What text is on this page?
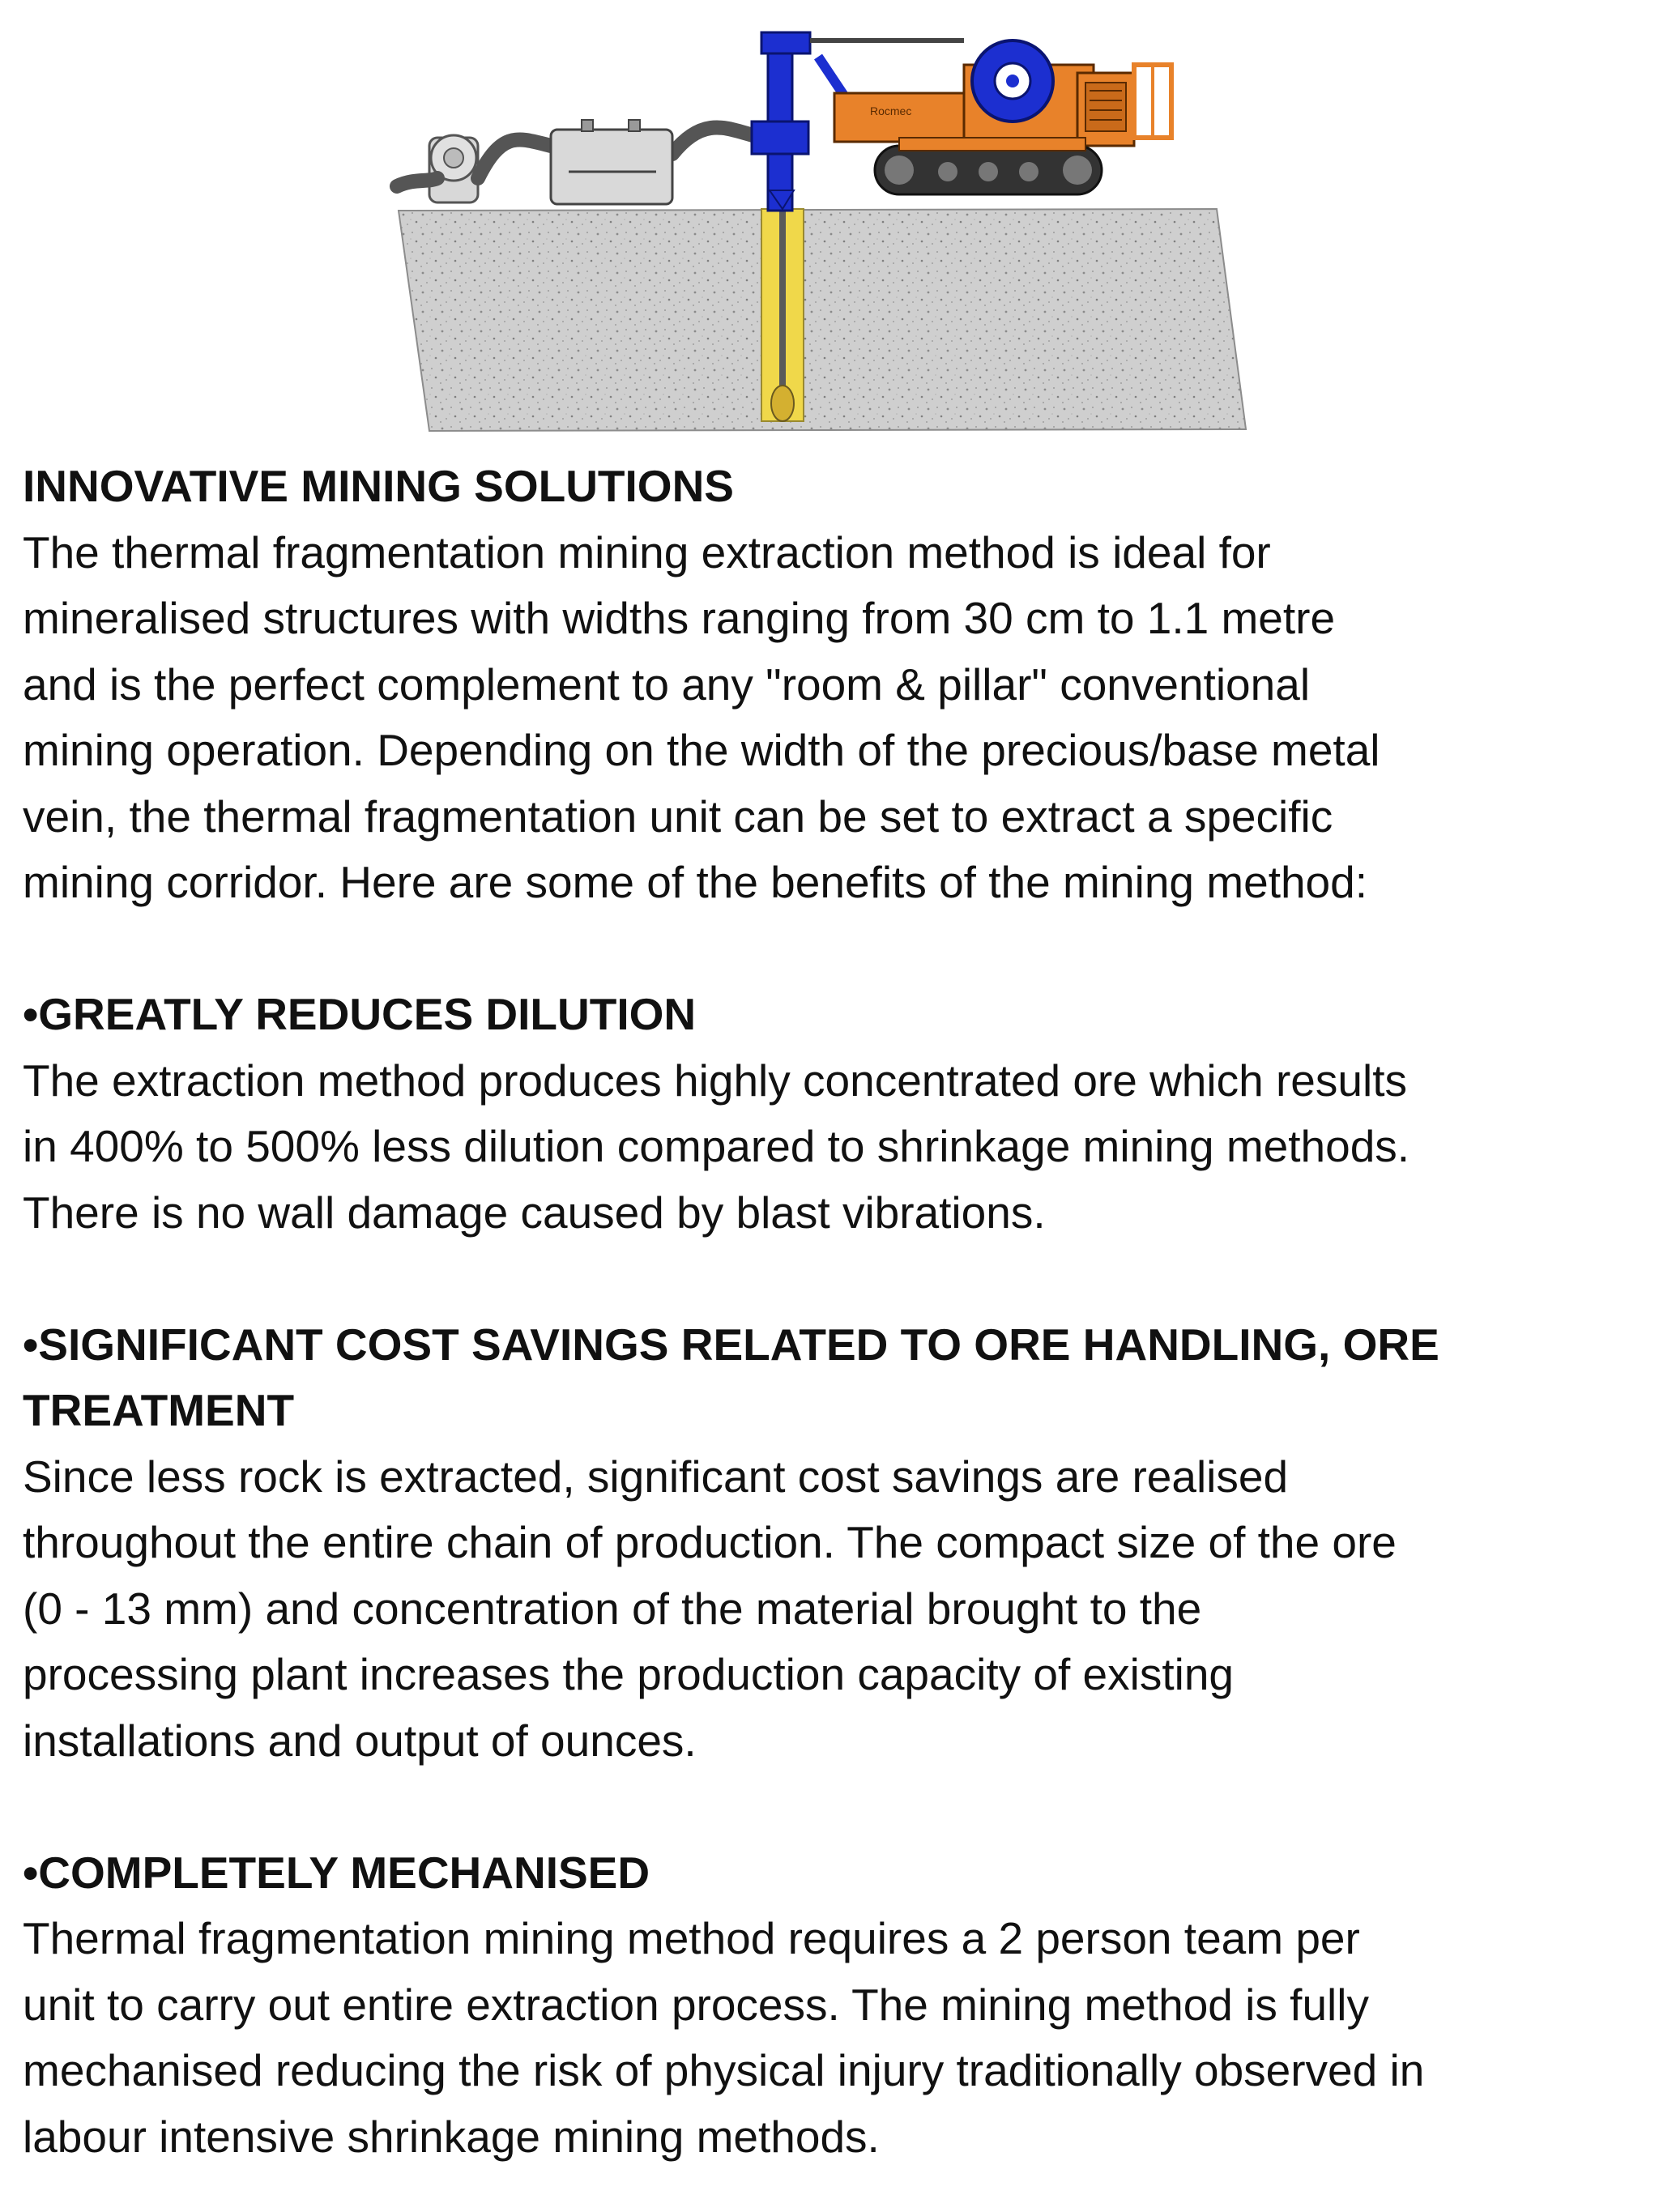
Rocmec
INNOVATIVE MINING SOLUTIONS
The thermal fragmentation mining extraction method is ideal for
mineralised structures with widths ranging from 30 cm to 1.1 metre
and is the perfect complement to any "room & pillar" conventional
mining operation. Depending on the width of the precious/base metal
vein, the thermal fragmentation unit can be set to extract a specific
mining corridor. Here are some of the benefits of the mining method:
•GREATLY REDUCES DILUTION
The extraction method produces highly concentrated ore which results
in 400% to 500% less dilution compared to shrinkage mining methods.
There is no wall damage caused by blast vibrations.
•SIGNIFICANT COST SAVINGS RELATED TO ORE HANDLING, ORE
TREATMENT
Since less rock is extracted, significant cost savings are realised
throughout the entire chain of production. The compact size of the ore
(0 - 13 mm) and concentration of the material brought to the
processing plant increases the production capacity of existing
installations and output of ounces.
•COMPLETELY MECHANISED
Thermal fragmentation mining method requires a 2 person team per
unit to carry out entire extraction process. The mining method is fully
mechanised reducing the risk of physical injury traditionally observed in
labour intensive shrinkage mining methods.
